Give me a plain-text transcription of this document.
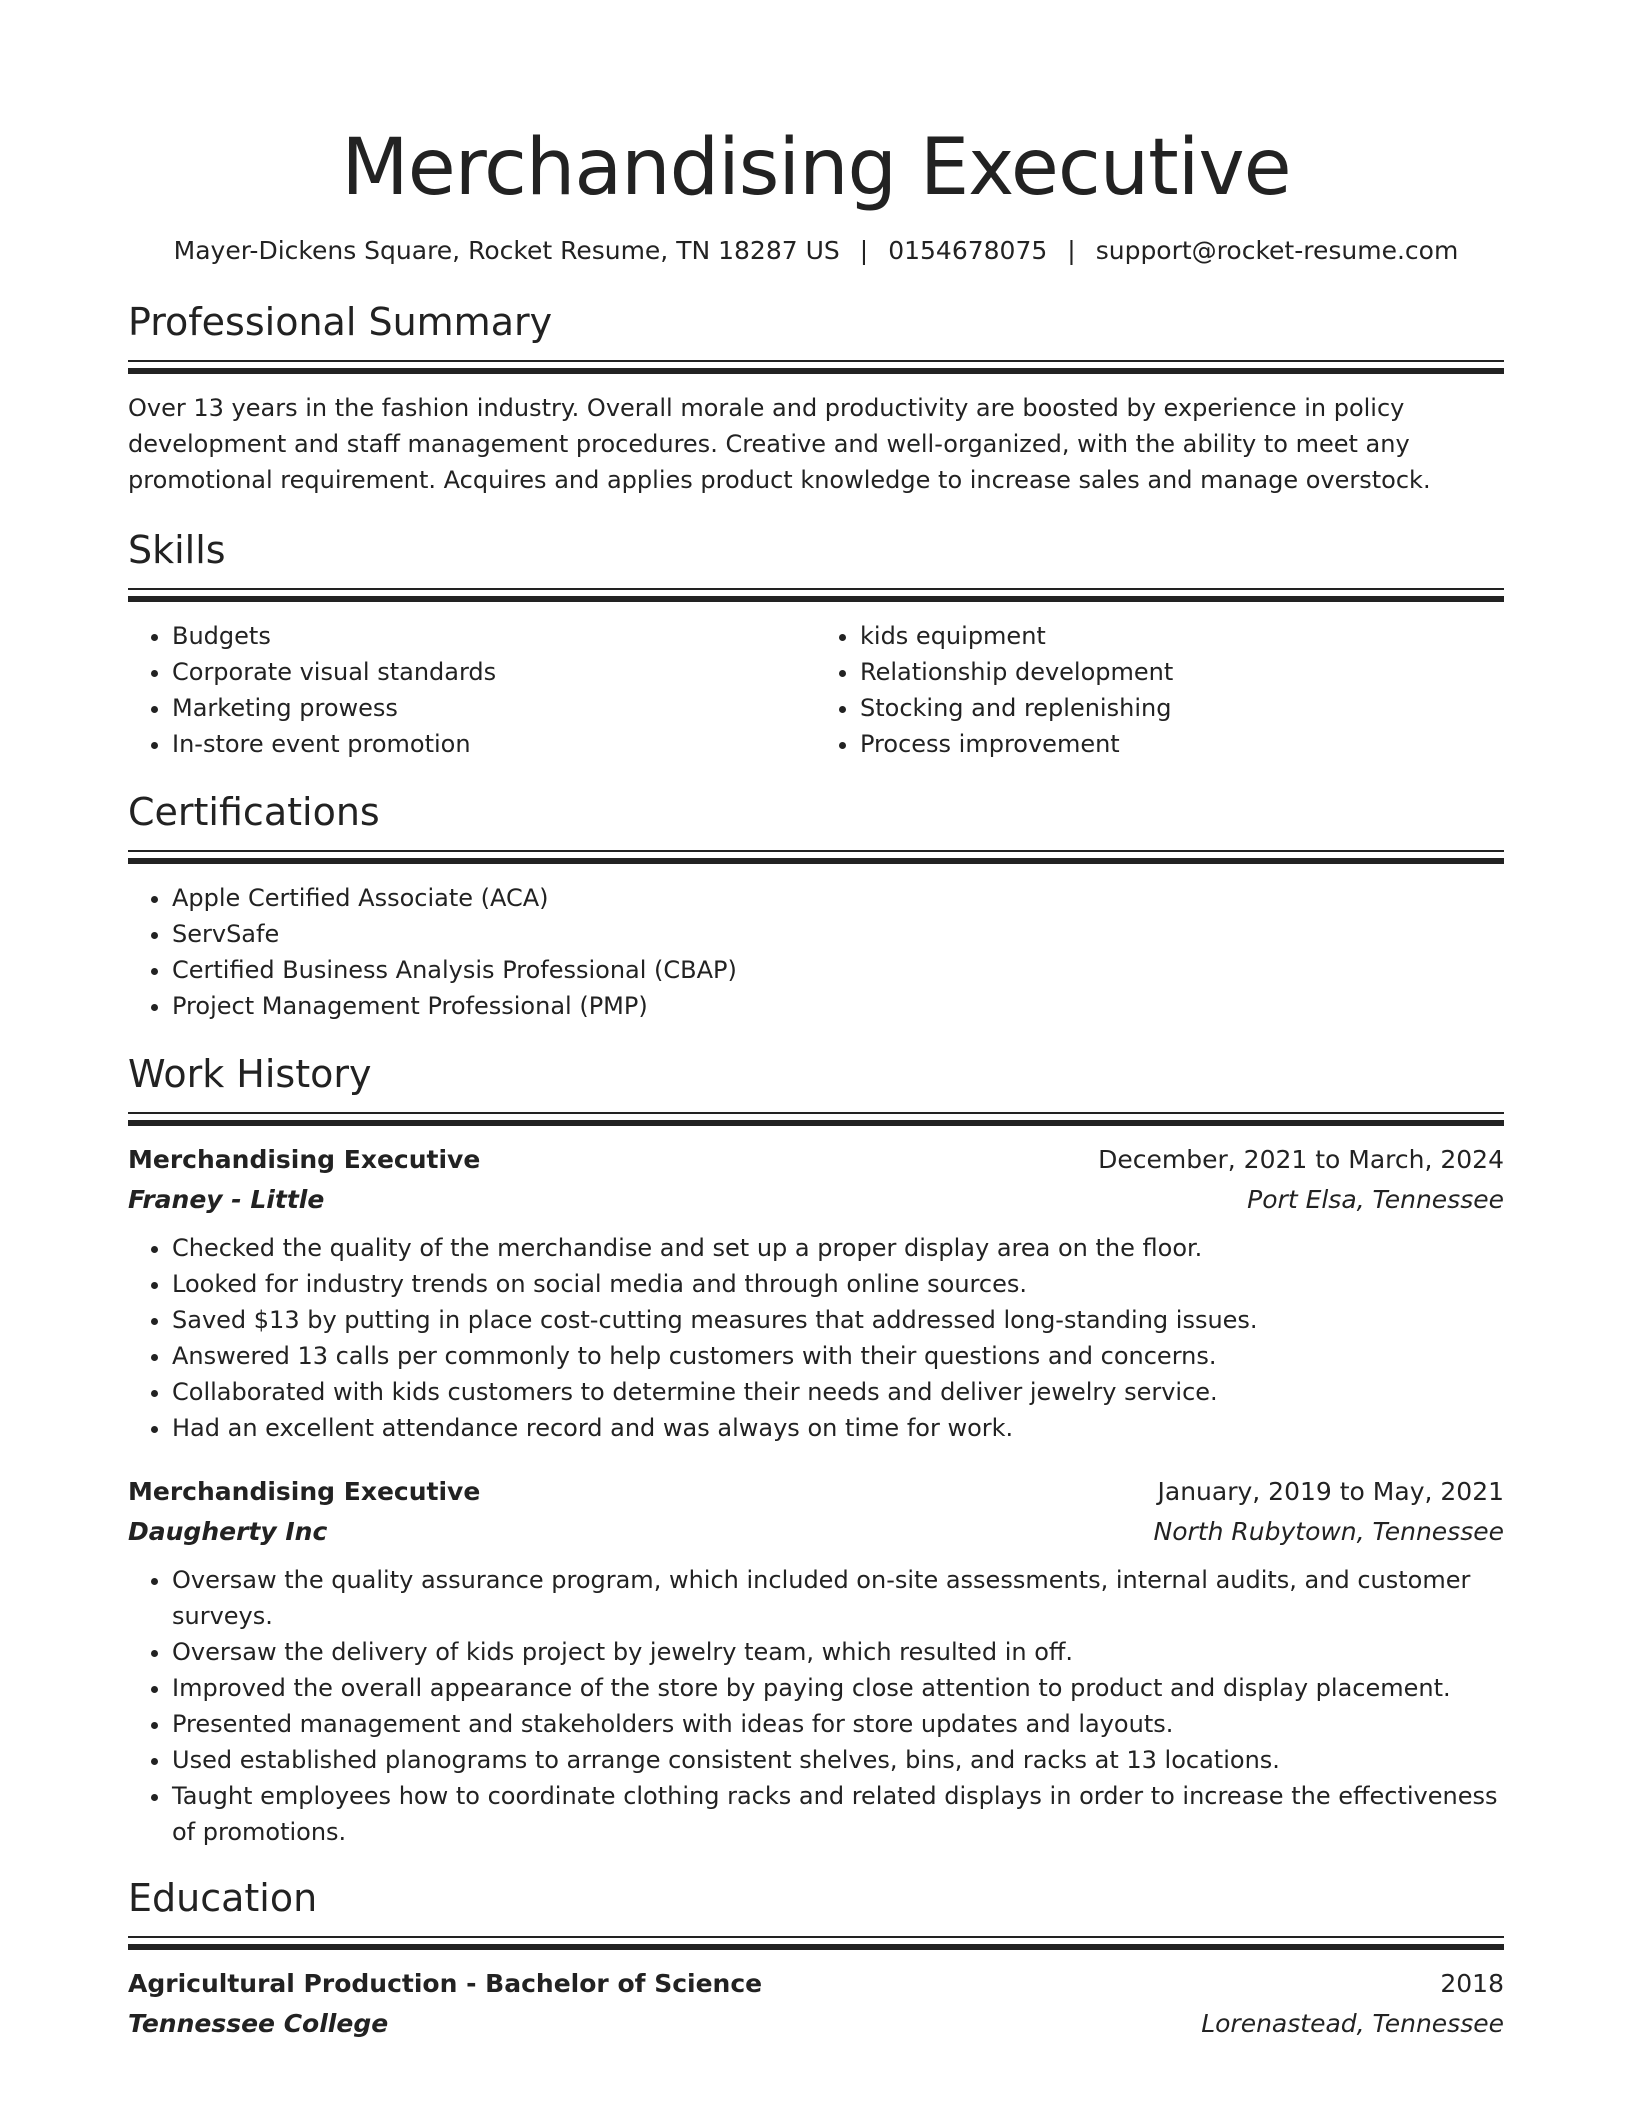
Merchandising Executive
Mayer-Dickens Square, Rocket Resume, TN 18287 US | 0154678075 | support@rocket-resume.com
Professional Summary
Over 13 years in the fashion industry. Overall morale and productivity are boosted by experience in policy development and staff management procedures. Creative and well-organized, with the ability to meet any promotional requirement. Acquires and applies product knowledge to increase sales and manage overstock.
Skills
• Budgets
• Corporate visual standards
• Marketing prowess
• In-store event promotion
• kids equipment
• Relationship development
• Stocking and replenishing
• Process improvement
Certifications
• Apple Certified Associate (ACA)
• ServSafe
• Certified Business Analysis Professional (CBAP)
• Project Management Professional (PMP)
Work History
Merchandising Executive	December, 2021 to March, 2024
Franey - Little	Port Elsa, Tennessee
• Checked the quality of the merchandise and set up a proper display area on the floor.
• Looked for industry trends on social media and through online sources.
• Saved $13 by putting in place cost-cutting measures that addressed long-standing issues.
• Answered 13 calls per commonly to help customers with their questions and concerns.
• Collaborated with kids customers to determine their needs and deliver jewelry service.
• Had an excellent attendance record and was always on time for work.
Merchandising Executive	January, 2019 to May, 2021
Daugherty Inc	North Rubytown, Tennessee
• Oversaw the quality assurance program, which included on-site assessments, internal audits, and customer surveys.
• Oversaw the delivery of kids project by jewelry team, which resulted in off.
• Improved the overall appearance of the store by paying close attention to product and display placement.
• Presented management and stakeholders with ideas for store updates and layouts.
• Used established planograms to arrange consistent shelves, bins, and racks at 13 locations.
• Taught employees how to coordinate clothing racks and related displays in order to increase the effectiveness of promotions.
Education
Agricultural Production - Bachelor of Science	2018
Tennessee College	Lorenastead, Tennessee
